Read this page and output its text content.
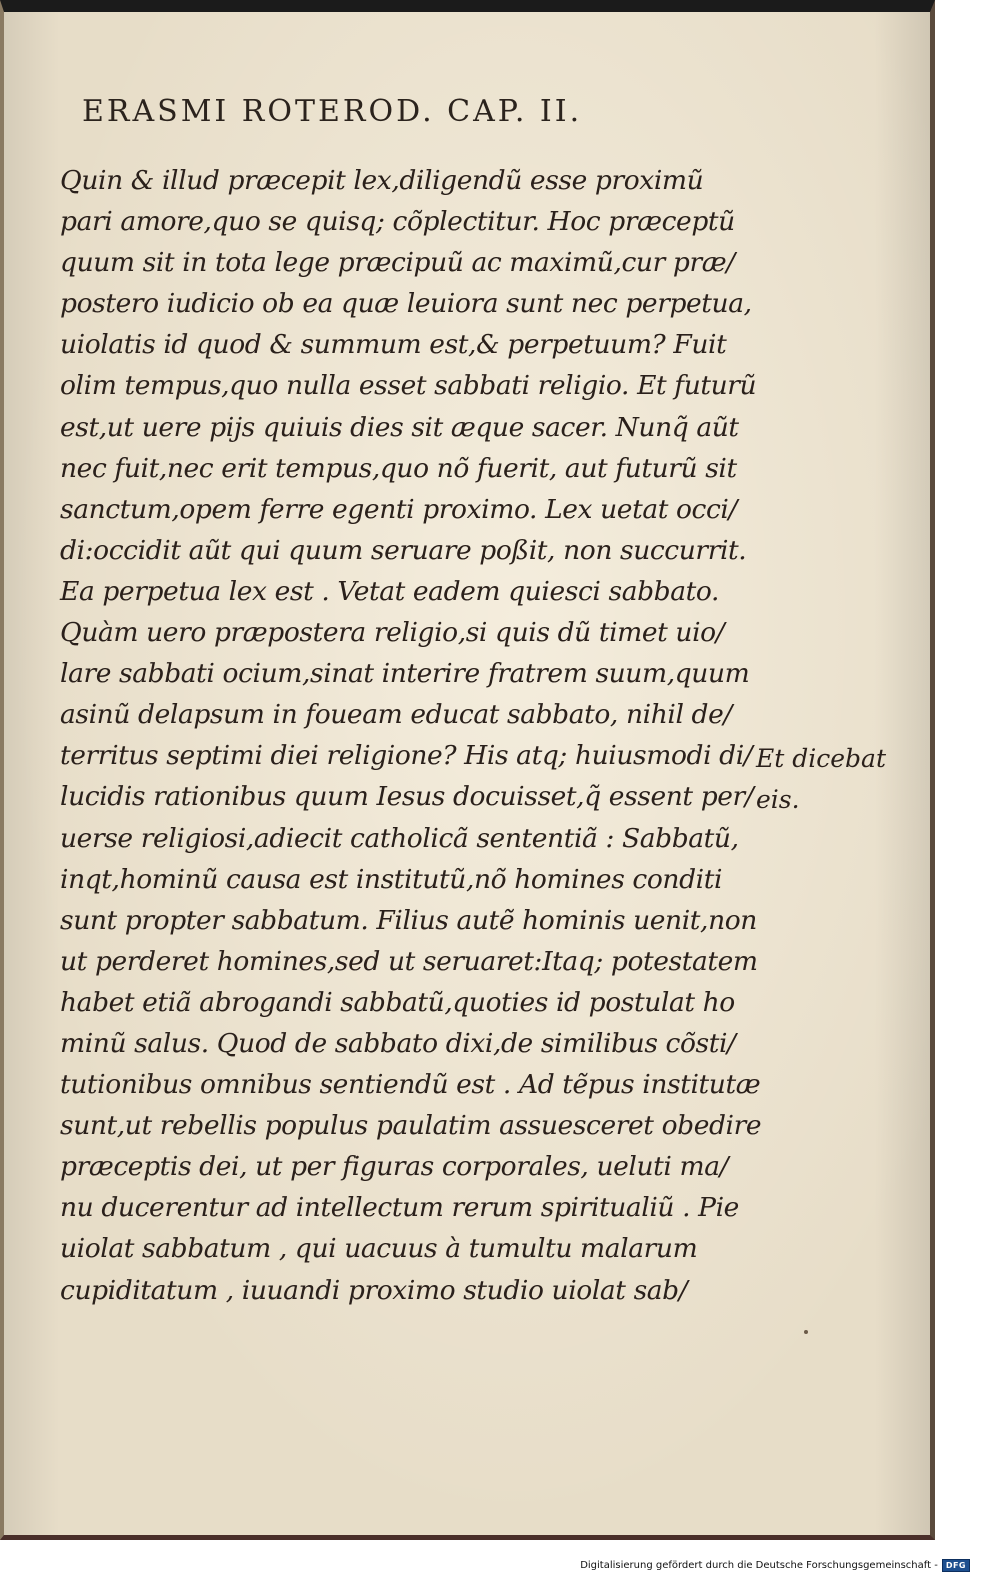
ERASMI ROTEROD. CAP. II.
Quin & illud præcepit lex,diligendũ esse proximũ
pari amore,quo se quisq; cõplectitur. Hoc præceptũ
quum sit in tota lege præcipuũ ac maximũ,cur præ/
postero iudicio ob ea quæ leuiora sunt nec perpetua,
uiolatis id quod & summum est,& perpetuum? Fuit
olim tempus,quo nulla esset sabbati religio. Et futurũ
est,ut uere pijs quiuis dies sit æque sacer. Nunq̃ aũt
nec fuit,nec erit tempus,quo nõ fuerit, aut futurũ sit
sanctum,opem ferre egenti proximo. Lex uetat occi/
di:occidit aũt qui quum seruare poßit, non succurrit.
Ea perpetua lex est . Vetat eadem quiesci sabbato.
Quàm uero præpostera religio,si quis dũ timet uio/
lare sabbati ocium,sinat interire fratrem suum,quum
asinũ delapsum in foueam educat sabbato, nihil de/
territus septimi diei religione? His atq; huiusmodi di/
lucidis rationibus quum Iesus docuisset,q̃ essent per/
uerse religiosi,adiecit catholicã sententiã : Sabbatũ,
inqt,hominũ causa est institutũ,nõ homines conditi
sunt propter sabbatum. Filius autẽ hominis uenit,non
ut perderet homines,sed ut seruaret:Itaq; potestatem
habet etiã abrogandi sabbatũ,quoties id postulat ho
minũ salus. Quod de sabbato dixi,de similibus cõsti/
tutionibus omnibus sentiendũ est . Ad tẽpus institutæ
sunt,ut rebellis populus paulatim assuesceret obedire
præceptis dei, ut per figuras corporales, ueluti ma/
nu ducerentur ad intellectum rerum spiritualiũ . Pie
uiolat sabbatum , qui uacuus à tumultu malarum
cupiditatum , iuuandi proximo studio uiolat sab/
Et dicebat
eis.
Digitalisierung gefördert durch die Deutsche Forschungsgemeinschaft -	DFG
